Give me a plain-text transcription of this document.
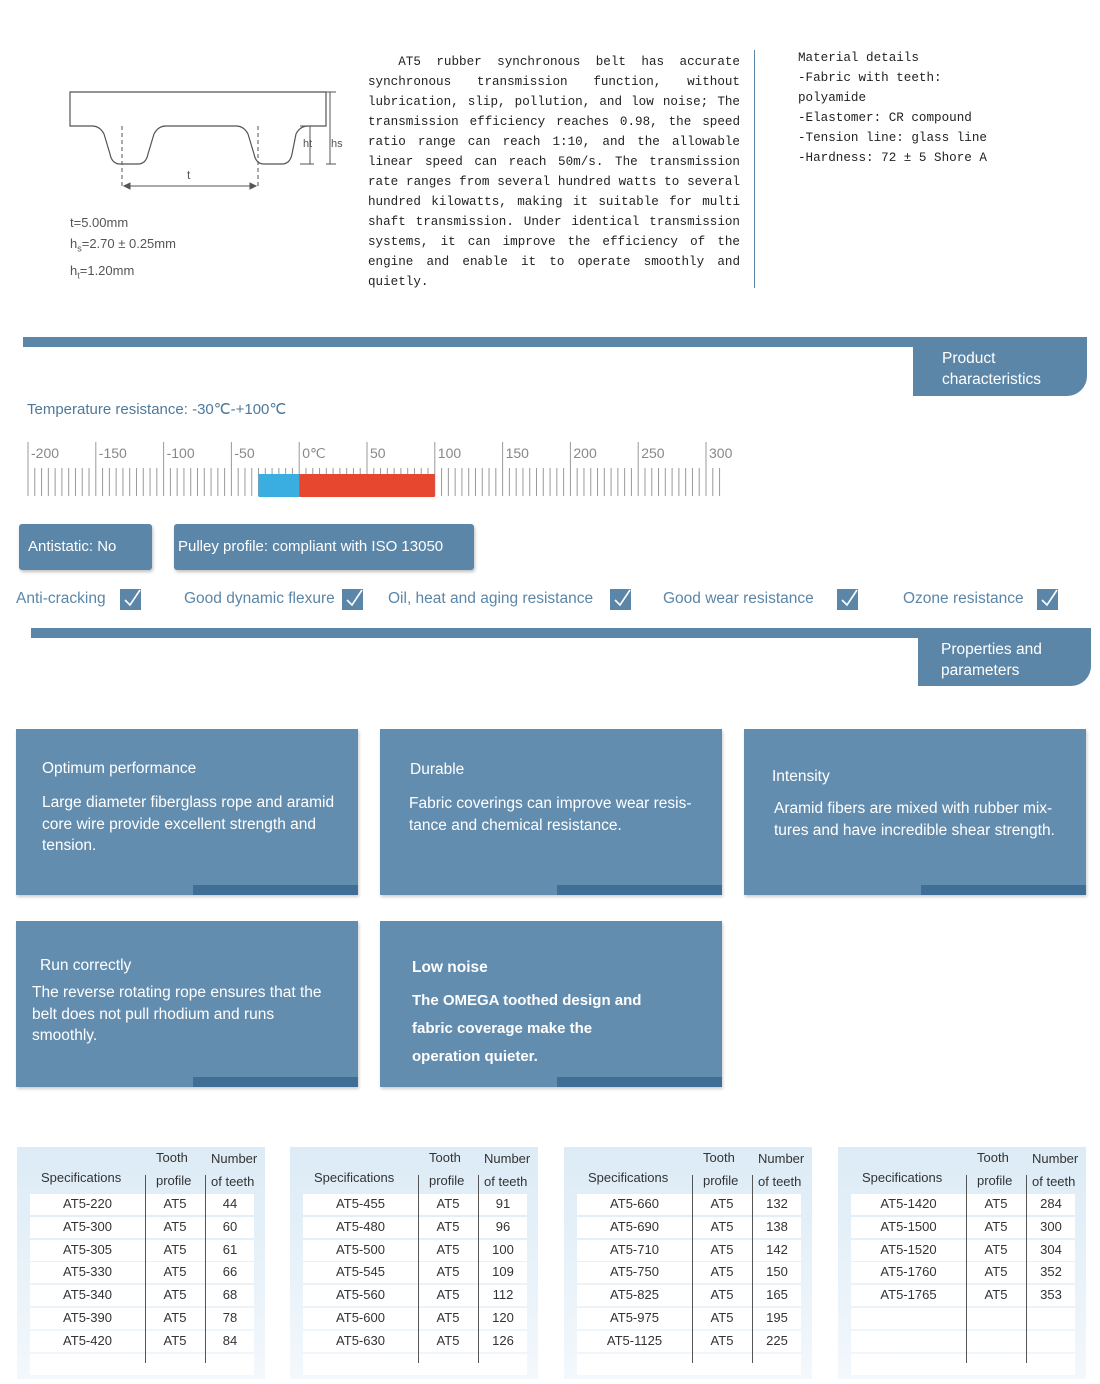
t
ht hs
t=5.00mm
$h_s=2.70 \pm 0.25mm$
$h_t=1.20mm$
AT5 rubber synchronous belt has accurate synchronous transmission function, without lubrication, slip, pollution, and low noise; The transmission efficiency reaches 0.98, the speed ratio range can reach 1:10, and the allowable linear speed can reach 50m/s. The transmission rate ranges from several hundred watts to several hundred kilowatts, making it suitable for multi shaft transmission. Under identical transmission systems, it can improve the efficiency of the engine and enable it to operate smoothly and quietly.
Material details
-Fabric with teeth:
polyamide
-Elastomer: CR compound
-Tension line: glass line
-Hardness: 72 ± 5 Shore A
Product
characteristics
Temperature resistance: -30℃-+100℃
-200	-150	-100	-50	0℃	50	100	150	200	250	300
Antistatic: No	Pulley profile: compliant with ISO 13050
Anti-cracking	Good dynamic flexure	Oil, heat and aging resistance	Good wear resistance	Ozone resistance
Properties and
parameters
Optimum performance
Large diameter fiberglass rope and aramid
core wire provide excellent strength and
tension.
Durable
Fabric coverings can improve wear resis-
tance and chemical resistance.
Intensity
Aramid fibers are mixed with rubber mix-
tures and have incredible shear strength.
Run correctly
The reverse rotating rope ensures that the
belt does not pull rhodium and runs
smoothly.
Low noise
The OMEGA toothed design and
fabric coverage make the
operation quieter.
Specifications
Tooth
profile
Number
of teeth
AT5-220	AT5	44
AT5-300	AT5	60
AT5-305	AT5	61
AT5-330	AT5	66
AT5-340	AT5	68
AT5-390	AT5	78
AT5-420	AT5	84
Specifications
Tooth
profile
Number
of teeth
AT5-455	AT5	91
AT5-480	AT5	96
AT5-500	AT5	100
AT5-545	AT5	109
AT5-560	AT5	112
AT5-600	AT5	120
AT5-630	AT5	126
Specifications
Tooth
profile
Number
of teeth
AT5-660	AT5	132
AT5-690	AT5	138
AT5-710	AT5	142
AT5-750	AT5	150
AT5-825	AT5	165
AT5-975	AT5	195
AT5-1125	AT5	225
Specifications
Tooth
profile
Number
of teeth
AT5-1420	AT5	284
AT5-1500	AT5	300
AT5-1520	AT5	304
AT5-1760	AT5	352
AT5-1765	AT5	353
